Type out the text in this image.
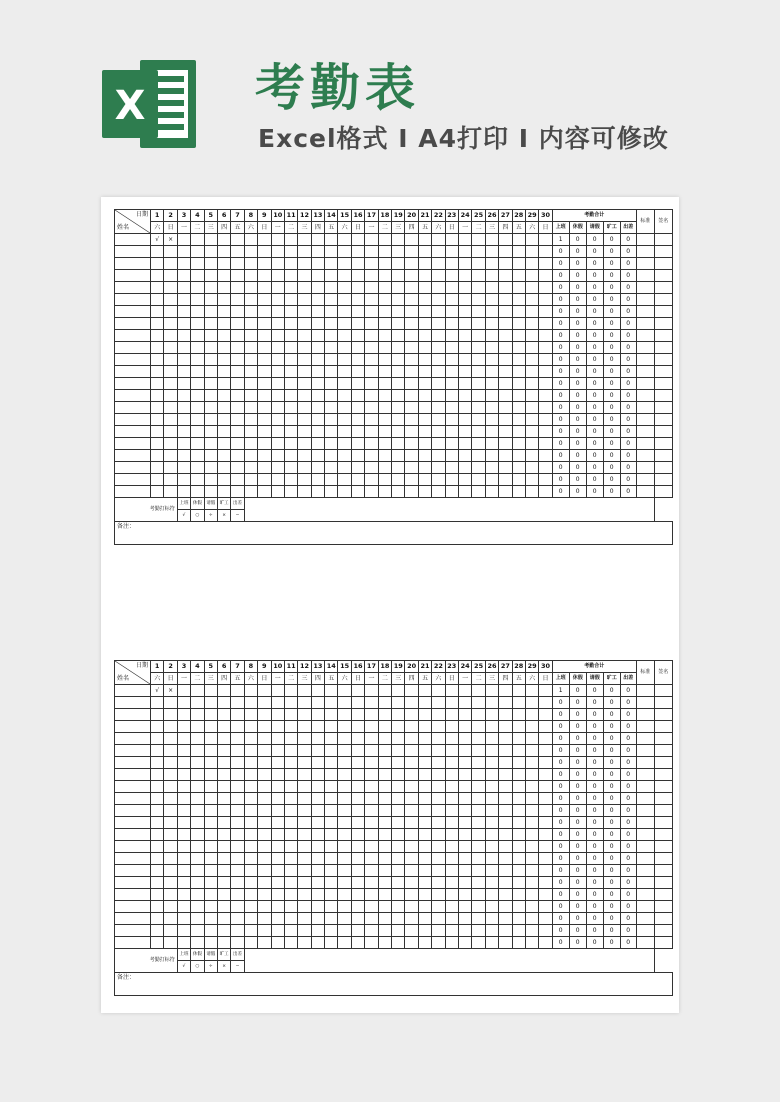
X 考勤表
Excel格式 I A4打印 I 内容可修改
日期
姓名	1	2	3	4	5	6	7	8	9	10	11	12	13	14	15	16	17	18	19	20	21	22	23	24	25	26	27	28	29	30	考勤合计					标准	签名
	六	日	一	二	三	四	五	六	日	一	二	三	四	五	六	日	一	二	三	四	五	六	日	一	二	三	四	五	六	日	上班	休假	请假	旷工	出差		
	√	×																													1	0	0	0	0		
																															0	0	0	0	0		
																															0	0	0	0	0		
																															0	0	0	0	0		
																															0	0	0	0	0		
																															0	0	0	0	0		
																															0	0	0	0	0		
																															0	0	0	0	0		
																															0	0	0	0	0		
																															0	0	0	0	0		
																															0	0	0	0	0		
																															0	0	0	0	0		
																															0	0	0	0	0		
																															0	0	0	0	0		
																															0	0	0	0	0		
																															0	0	0	0	0		
																															0	0	0	0	0		
																															0	0	0	0	0		
																															0	0	0	0	0		
																															0	0	0	0	0		
																															0	0	0	0	0		
																															0	0	0	0	0		
考勤打标符			上班	休假	请假	旷工	出差																														
			√	○	÷	×	−																														
备注：																																					
日期
姓名	1	2	3	4	5	6	7	8	9	10	11	12	13	14	15	16	17	18	19	20	21	22	23	24	25	26	27	28	29	30	考勤合计					标准	签名
	六	日	一	二	三	四	五	六	日	一	二	三	四	五	六	日	一	二	三	四	五	六	日	一	二	三	四	五	六	日	上班	休假	请假	旷工	出差		
	√	×																													1	0	0	0	0		
																															0	0	0	0	0		
																															0	0	0	0	0		
																															0	0	0	0	0		
																															0	0	0	0	0		
																															0	0	0	0	0		
																															0	0	0	0	0		
																															0	0	0	0	0		
																															0	0	0	0	0		
																															0	0	0	0	0		
																															0	0	0	0	0		
																															0	0	0	0	0		
																															0	0	0	0	0		
																															0	0	0	0	0		
																															0	0	0	0	0		
																															0	0	0	0	0		
																															0	0	0	0	0		
																															0	0	0	0	0		
																															0	0	0	0	0		
																															0	0	0	0	0		
																															0	0	0	0	0		
																															0	0	0	0	0		
考勤打标符			上班	休假	请假	旷工	出差																														
			√	○	÷	×	−																														
备注：																																					
